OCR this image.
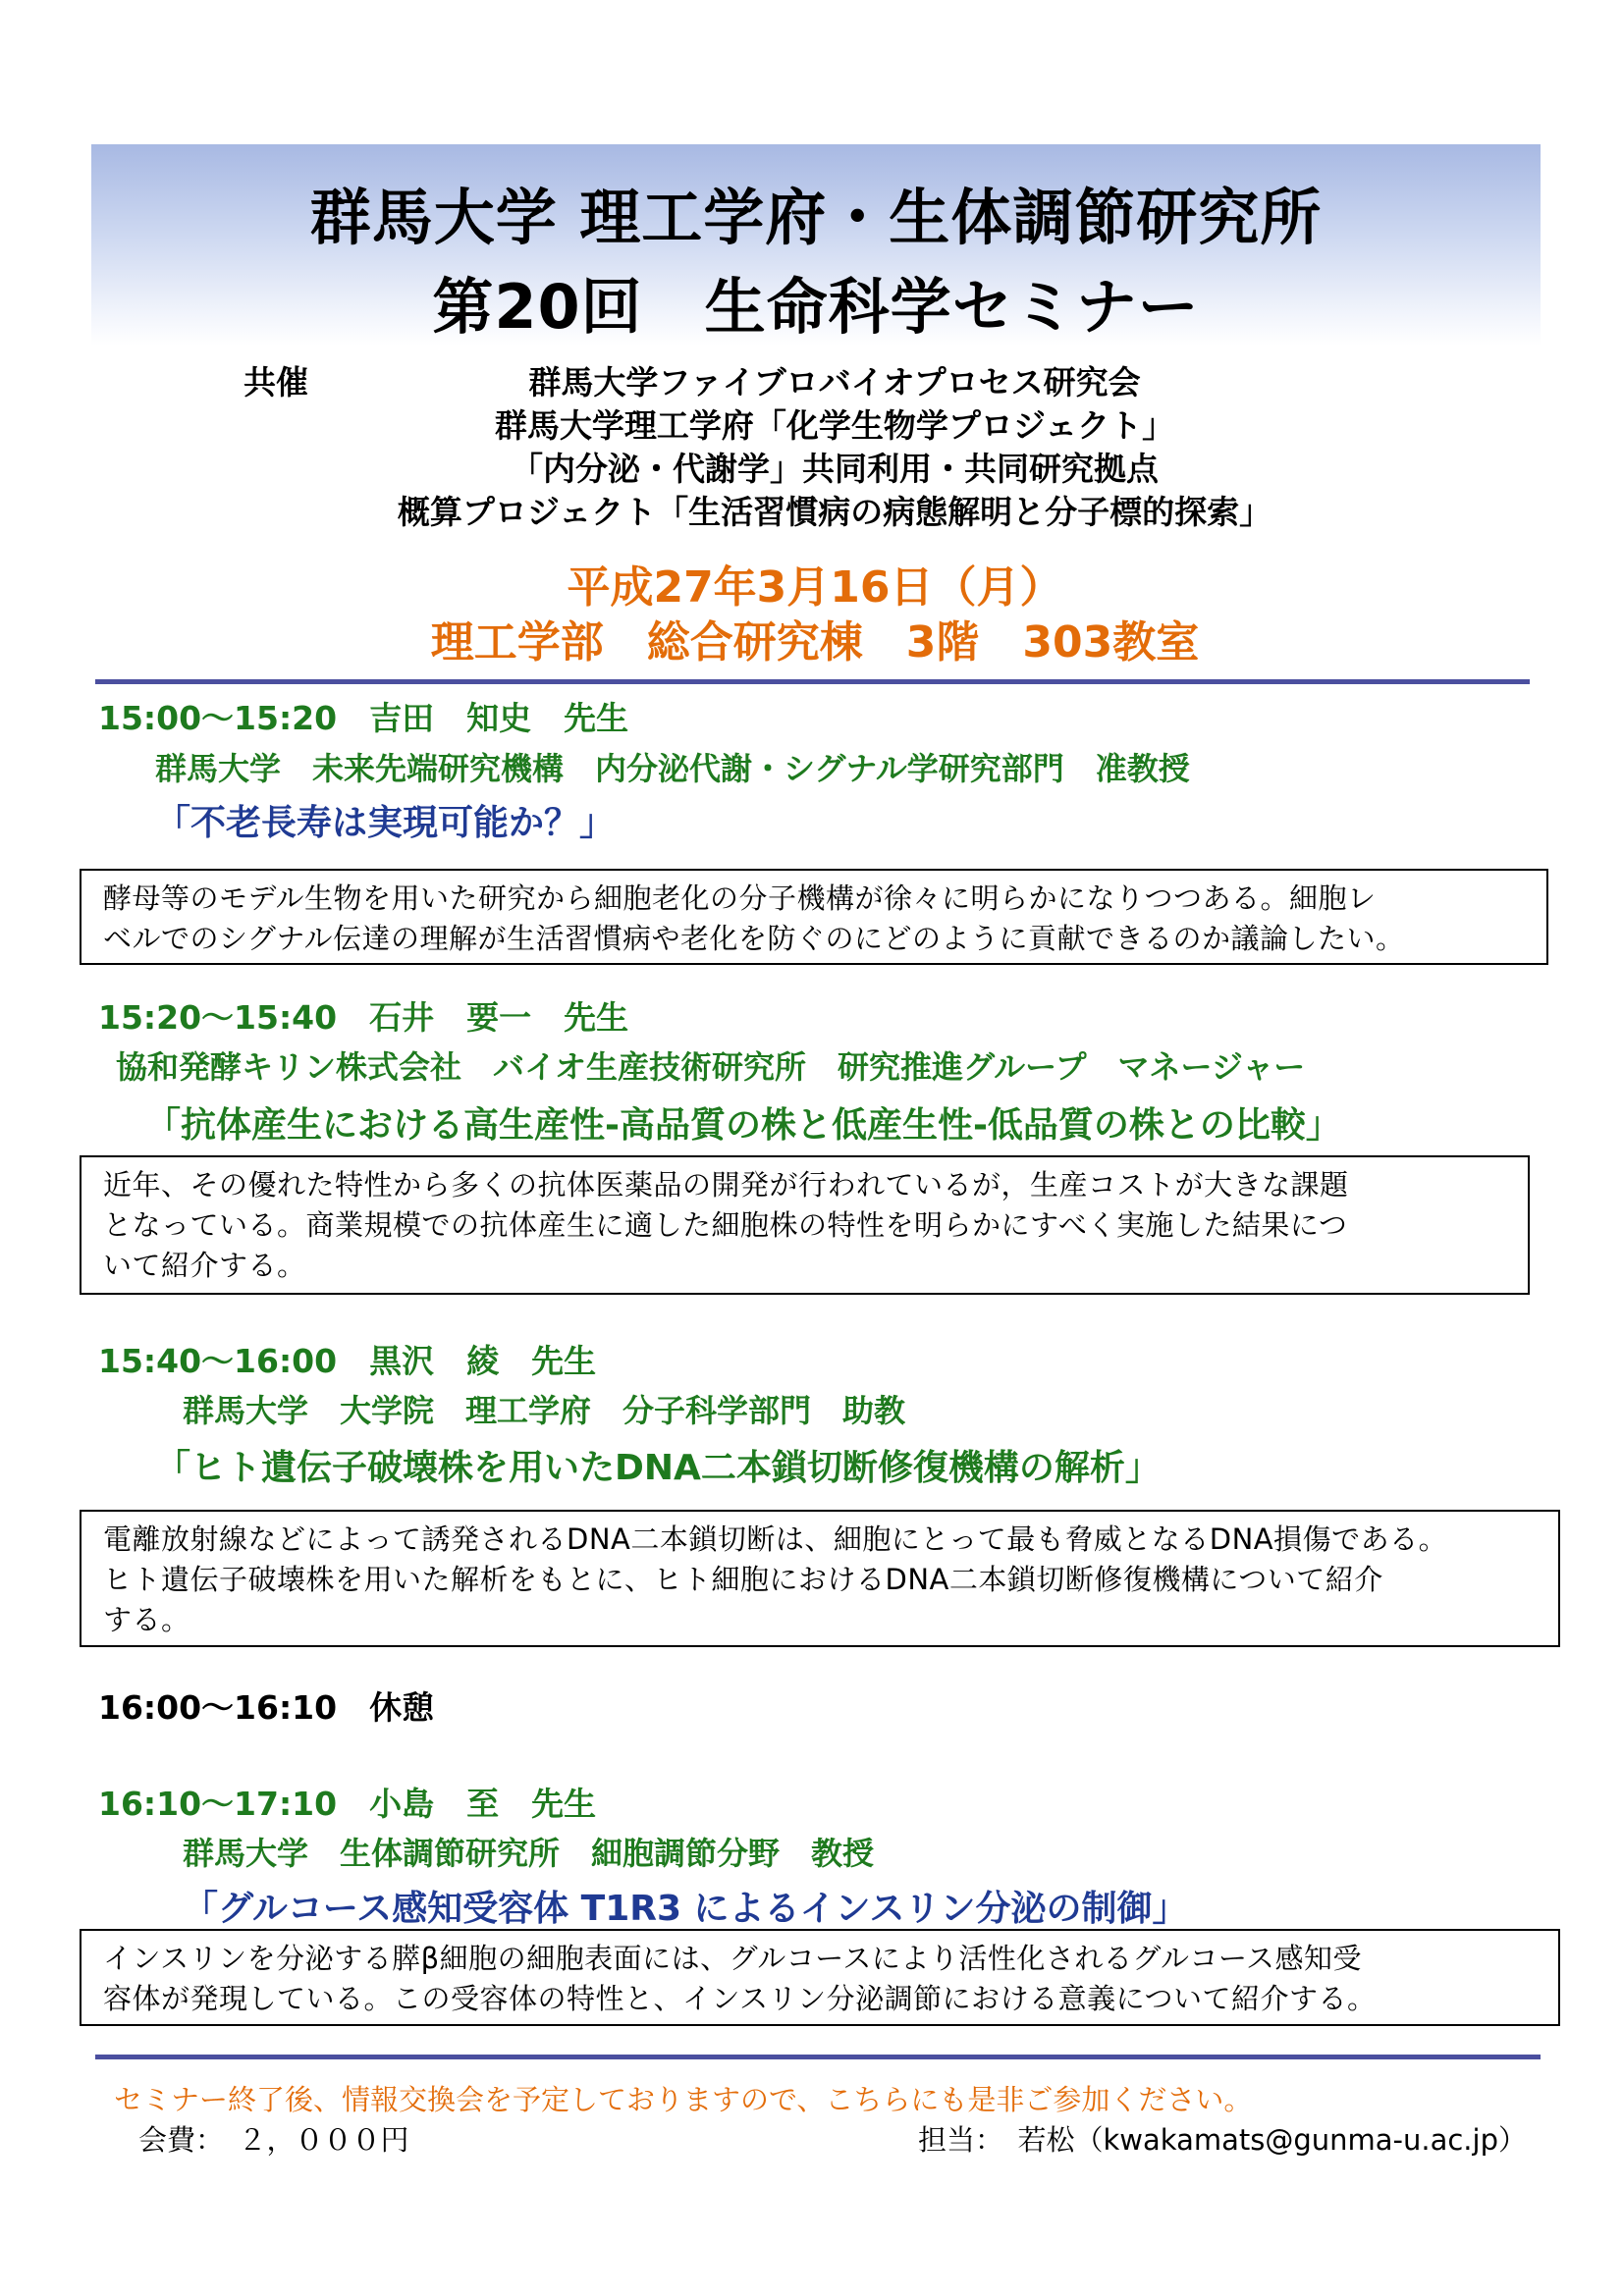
群馬大学 理工学府・生体調節研究所
第20回　生命科学セミナー
共催	群馬大学ファイブロバイオプロセス研究会
群馬大学理工学府「化学生物学プロジェクト」
「内分泌・代謝学」共同利用・共同研究拠点
概算プロジェクト「生活習慣病の病態解明と分子標的探索」
平成27年3月16日（月）
理工学部　総合研究棟　3階　303教室
15:00～15:20　吉田　知史　先生
群馬大学　未来先端研究機構　内分泌代謝・シグナル学研究部門　准教授
「不老長寿は実現可能か？」
酵母等のモデル生物を用いた研究から細胞老化の分子機構が徐々に明らかになりつつある。細胞レ
ベルでのシグナル伝達の理解が生活習慣病や老化を防ぐのにどのように貢献できるのか議論したい。
15:20～15:40　石井　要一　先生
協和発酵キリン株式会社　バイオ生産技術研究所　研究推進グループ　マネージャー
「抗体産生における高生産性-高品質の株と低産生性-低品質の株との比較」
近年、その優れた特性から多くの抗体医薬品の開発が行われているが，生産コストが大きな課題
となっている。商業規模での抗体産生に適した細胞株の特性を明らかにすべく実施した結果につ
いて紹介する。
15:40～16:00　黒沢　綾　先生
群馬大学　大学院　理工学府　分子科学部門　助教
「ヒト遺伝子破壊株を用いたDNA二本鎖切断修復機構の解析」
電離放射線などによって誘発されるDNA二本鎖切断は、細胞にとって最も脅威となるDNA損傷である。
ヒト遺伝子破壊株を用いた解析をもとに、ヒト細胞におけるDNA二本鎖切断修復機構について紹介
する。
16:00～16:10　休憩
16:10～17:10　小島　至　先生
群馬大学　生体調節研究所　細胞調節分野　教授
「グルコース感知受容体 T1R3 によるインスリン分泌の制御」
インスリンを分泌する膵β細胞の細胞表面には、グルコースにより活性化されるグルコース感知受
容体が発現している。この受容体の特性と、インスリン分泌調節における意義について紹介する。
セミナー終了後、情報交換会を予定しておりますので、こちらにも是非ご参加ください。
会費：　２，０００円	担当：　若松（kwakamats@gunma-u.ac.jp）
